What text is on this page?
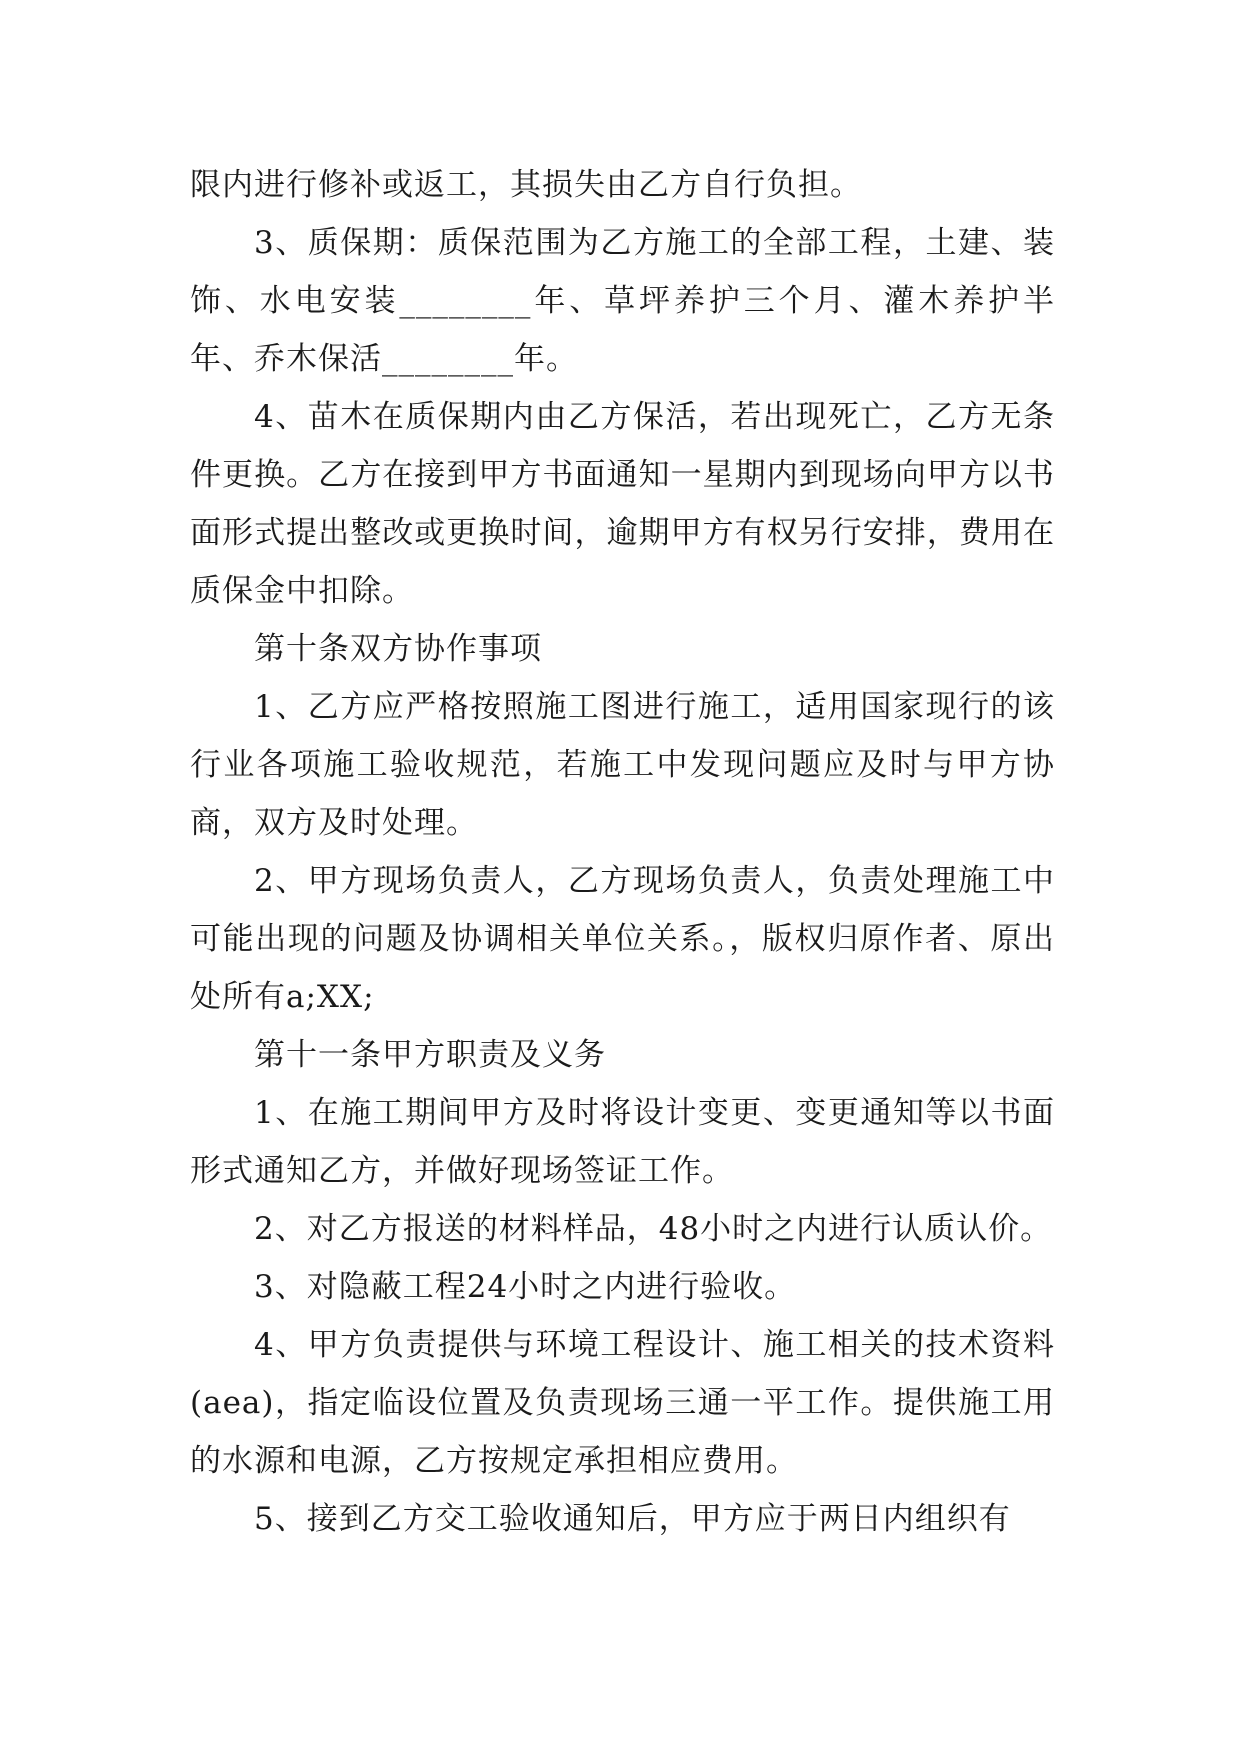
限内进行修补或返工，其损失由乙方自行负担。

3、质保期：质保范围为乙方施工的全部工程，土建、装饰、水电安装________年、草坪养护三个月、灌木养护半年、乔木保活________年。

4、苗木在质保期内由乙方保活，若出现死亡，乙方无条件更换。乙方在接到甲方书面通知一星期内到现场向甲方以书面形式提出整改或更换时间，逾期甲方有权另行安排，费用在质保金中扣除。

第十条双方协作事项

1、乙方应严格按照施工图进行施工，适用国家现行的该行业各项施工验收规范，若施工中发现问题应及时与甲方协商，双方及时处理。

2、甲方现场负责人，乙方现场负责人，负责处理施工中可能出现的问题及协调相关单位关系。，版权归原作者、原出处所有a;XX;

第十一条甲方职责及义务

1、在施工期间甲方及时将设计变更、变更通知等以书面形式通知乙方，并做好现场签证工作。

2、对乙方报送的材料样品，48小时之内进行认质认价。

3、对隐蔽工程24小时之内进行验收。

4、甲方负责提供与环境工程设计、施工相关的技术资料(aea)，指定临设位置及负责现场三通一平工作。提供施工用的水源和电源，乙方按规定承担相应费用。

5、接到乙方交工验收通知后，甲方应于两日内组织有
